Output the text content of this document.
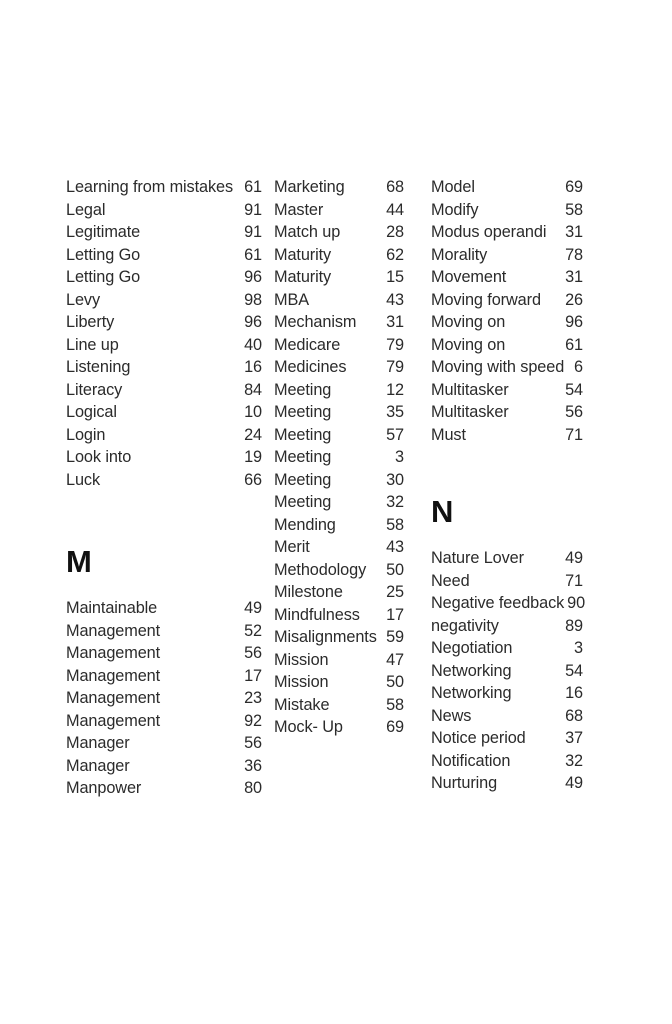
Learning from mistakes 61
Legal	91
Legitimate	91
Letting Go	61
Letting Go	96
Levy	98
Liberty	96
Line up	40
Listening	16
Literacy	84
Logical	10
Login	24
Look into	19
Luck	66
M
Maintainable	49
Management	52
Management	56
Management	17
Management	23
Management	92
Manager	56
Manager	36
Manpower	80
Marketing	68
Master	44
Match up	28
Maturity	62
Maturity	15
MBA	43
Mechanism 31
Medicare	79
Medicines 79
Meeting	12
Meeting	35
Meeting	57
Meeting	3
Meeting	30
Meeting	32
Mending	58
Merit	43
Methodology 50
Milestone	25
Mindfulness 17
Misalignments 59
Mission	47
Mission	50
Mistake	58
Mock- Up	69
Model	69
Modify	58
Modus operandi 31
Morality	78
Movement	31
Moving forward 26
Moving on	96
Moving on	61
Moving with speed 6
Multitasker	54
Multitasker	56
Must	71
N
Nature Lover	49
Need	71
Negative feedback 90
negativity	89
Negotiation	3
Networking	54
Networking	16
News	68
Notice period 37
Notification	32
Nurturing	49
